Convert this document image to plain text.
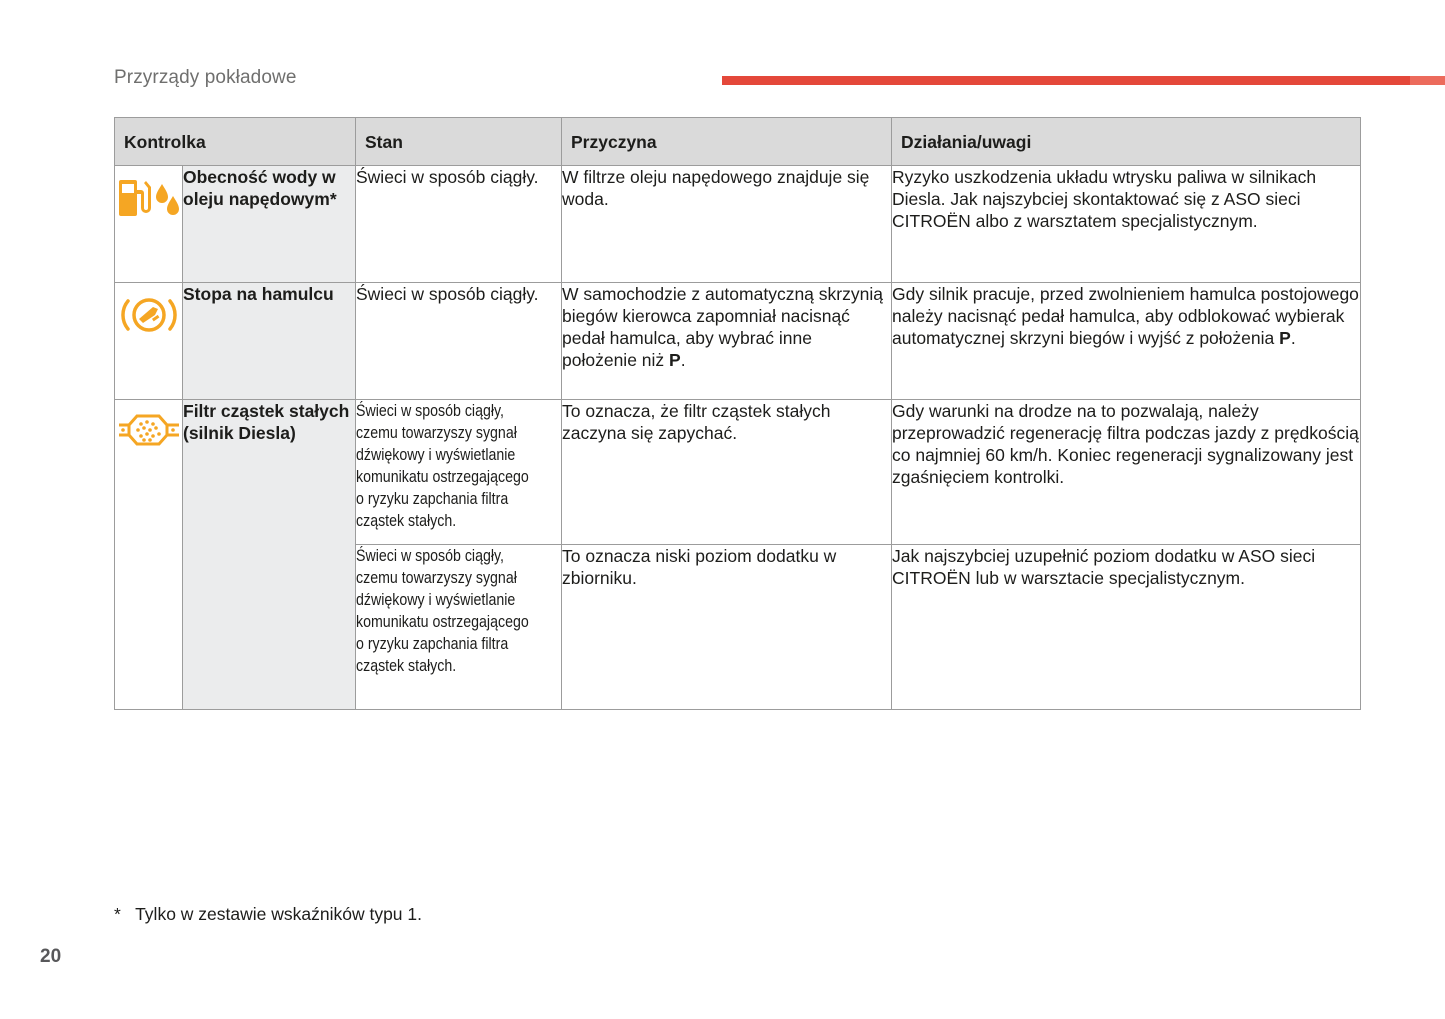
Przyrządy pokładowe
Kontrolka		Stan	Przyczyna	Działania/uwagi

	Obecność wody w oleju napędowym*	Świeci w sposób ciągły.	W filtrze oleju napędowego znajduje się woda.	Ryzyko uszkodzenia układu wtrysku paliwa w silnikach Diesla. Jak najszybciej skontaktować się z ASO sieci CITROËN albo z warsztatem specjalistycznym.

	Stopa na hamulcu	Świeci w sposób ciągły.	W samochodzie z automatyczną skrzynią biegów kierowca zapomniał nacisnąć pedał hamulca, aby wybrać inne położenie niż P.	Gdy silnik pracuje, przed zwolnieniem hamulca postojowego należy nacisnąć pedał hamulca, aby odblokować wybierak automatycznej skrzyni biegów i wyjść z położenia P.

	Filtr cząstek stałych (silnik Diesla)	Świeci w sposób ciągły, czemu towarzyszy sygnał dźwiękowy i wyświetlanie komunikatu ostrzegającego o ryzyku zapchania filtra cząstek stałych.	To oznacza, że filtr cząstek stałych zaczyna się zapychać.	Gdy warunki na drodze na to pozwalają, należy przeprowadzić regenerację filtra podczas jazdy z prędkością co najmniej 60 km/h. Koniec regeneracji sygnalizowany jest zgaśnięciem kontrolki.
		Świeci w sposób ciągły, czemu towarzyszy sygnał dźwiękowy i wyświetlanie komunikatu ostrzegającego o ryzyku zapchania filtra cząstek stałych.	To oznacza niski poziom dodatku w zbiorniku.	Jak najszybciej uzupełnić poziom dodatku w ASO sieci CITROËN lub w warsztacie specjalistycznym.
*   Tylko w zestawie wskaźników typu 1.
20
